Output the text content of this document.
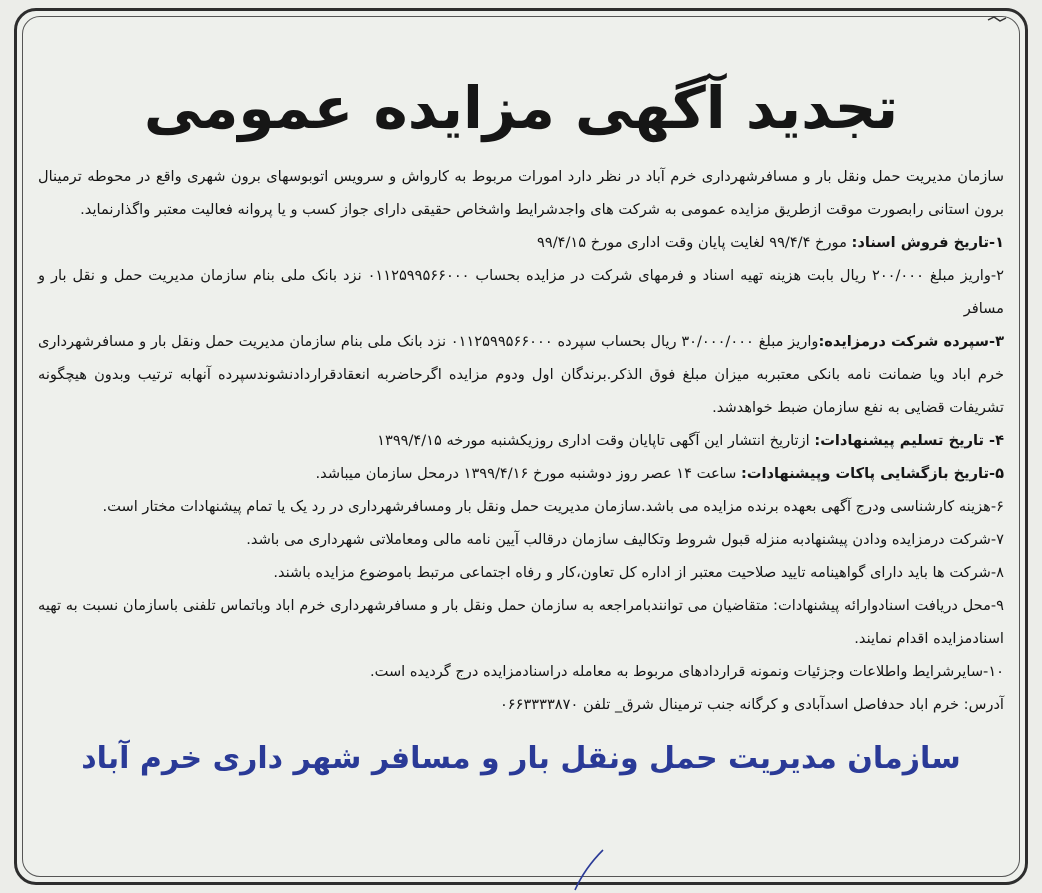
تجدید آگهی مزایده عمومی

سازمان مدیریت حمل ونقل بار و مسافرشهرداری خرم آباد در نظر دارد امورات مربوط به کارواش و سرویس اتوبوسهای برون شهری واقع در محوطه ترمینال برون استانی رابصورت موقت ازطریق مزایده عمومی به شرکت های واجدشرایط واشخاص حقیقی دارای جواز کسب و یا پروانه فعالیت معتبر واگذارنماید.

۱-تاریخ فروش اسناد: مورخ ۹۹/۴/۴ لغایت پایان وقت اداری مورخ ۹۹/۴/۱۵

۲-واریز مبلغ ۲۰۰/۰۰۰ ریال بابت هزینه تهیه اسناد و فرمهای شرکت در مزایده بحساب ۰۱۱۲۵۹۹۵۶۶۰۰۰ نزد بانک ملی بنام سازمان مدیریت حمل و نقل بار و مسافر

۳-سپرده شرکت درمزایده:واریز مبلغ ۳۰/۰۰۰/۰۰۰ ریال بحساب سپرده ۰۱۱۲۵۹۹۵۶۶۰۰۰ نزد بانک ملی بنام سازمان مدیریت حمل ونقل بار و مسافرشهرداری خرم اباد ویا ضمانت نامه بانکی معتبربه میزان مبلغ فوق الذکر.برندگان اول ودوم مزایده اگرحاضربه انعقادقراردادنشوندسپرده آنهابه ترتیب وبدون هیچگونه تشریفات قضایی به نفع سازمان ضبط خواهدشد.

۴- تاریخ تسلیم پیشنهادات: ازتاریخ انتشار این آگهی تاپایان وقت اداری روزیکشنبه مورخه ۱۳۹۹/۴/۱۵

۵-تاریخ بازگشایی پاکات وپیشنهادات: ساعت ۱۴ عصر روز دوشنبه مورخ ۱۳۹۹/۴/۱۶ درمحل سازمان میباشد.

۶-هزینه کارشناسی ودرج آگهی بعهده برنده مزایده می باشد.سازمان مدیریت حمل ونقل بار ومسافرشهرداری در رد یک یا تمام پیشنهادات مختار است.

۷-شرکت درمزایده ودادن پیشنهادبه منزله قبول شروط وتکالیف سازمان درقالب آیین نامه مالی ومعاملاتی شهرداری می باشد.

۸-شرکت ها باید دارای گواهینامه تایید صلاحیت معتبر از اداره کل تعاون،کار و رفاه اجتماعی مرتبط باموضوع مزایده باشند.

۹-محل دریافت اسنادوارائه پیشنهادات: متقاضیان می توانندبامراجعه به سازمان حمل ونقل بار و مسافرشهرداری خرم اباد وباتماس تلفنی باسازمان نسبت به تهیه اسنادمزایده اقدام نمایند.

۱۰-سایرشرایط واطلاعات وجزئیات ونمونه قراردادهای مربوط به معامله دراسنادمزایده درج گردیده است.

آدرس: خرم اباد حدفاصل اسدآبادی و کرگانه جنب ترمینال شرق_ تلفن ۰۶۶۳۳۳۳۸۷۰

سازمان مدیریت حمل ونقل بار و مسافر شهر داری خرم آباد
